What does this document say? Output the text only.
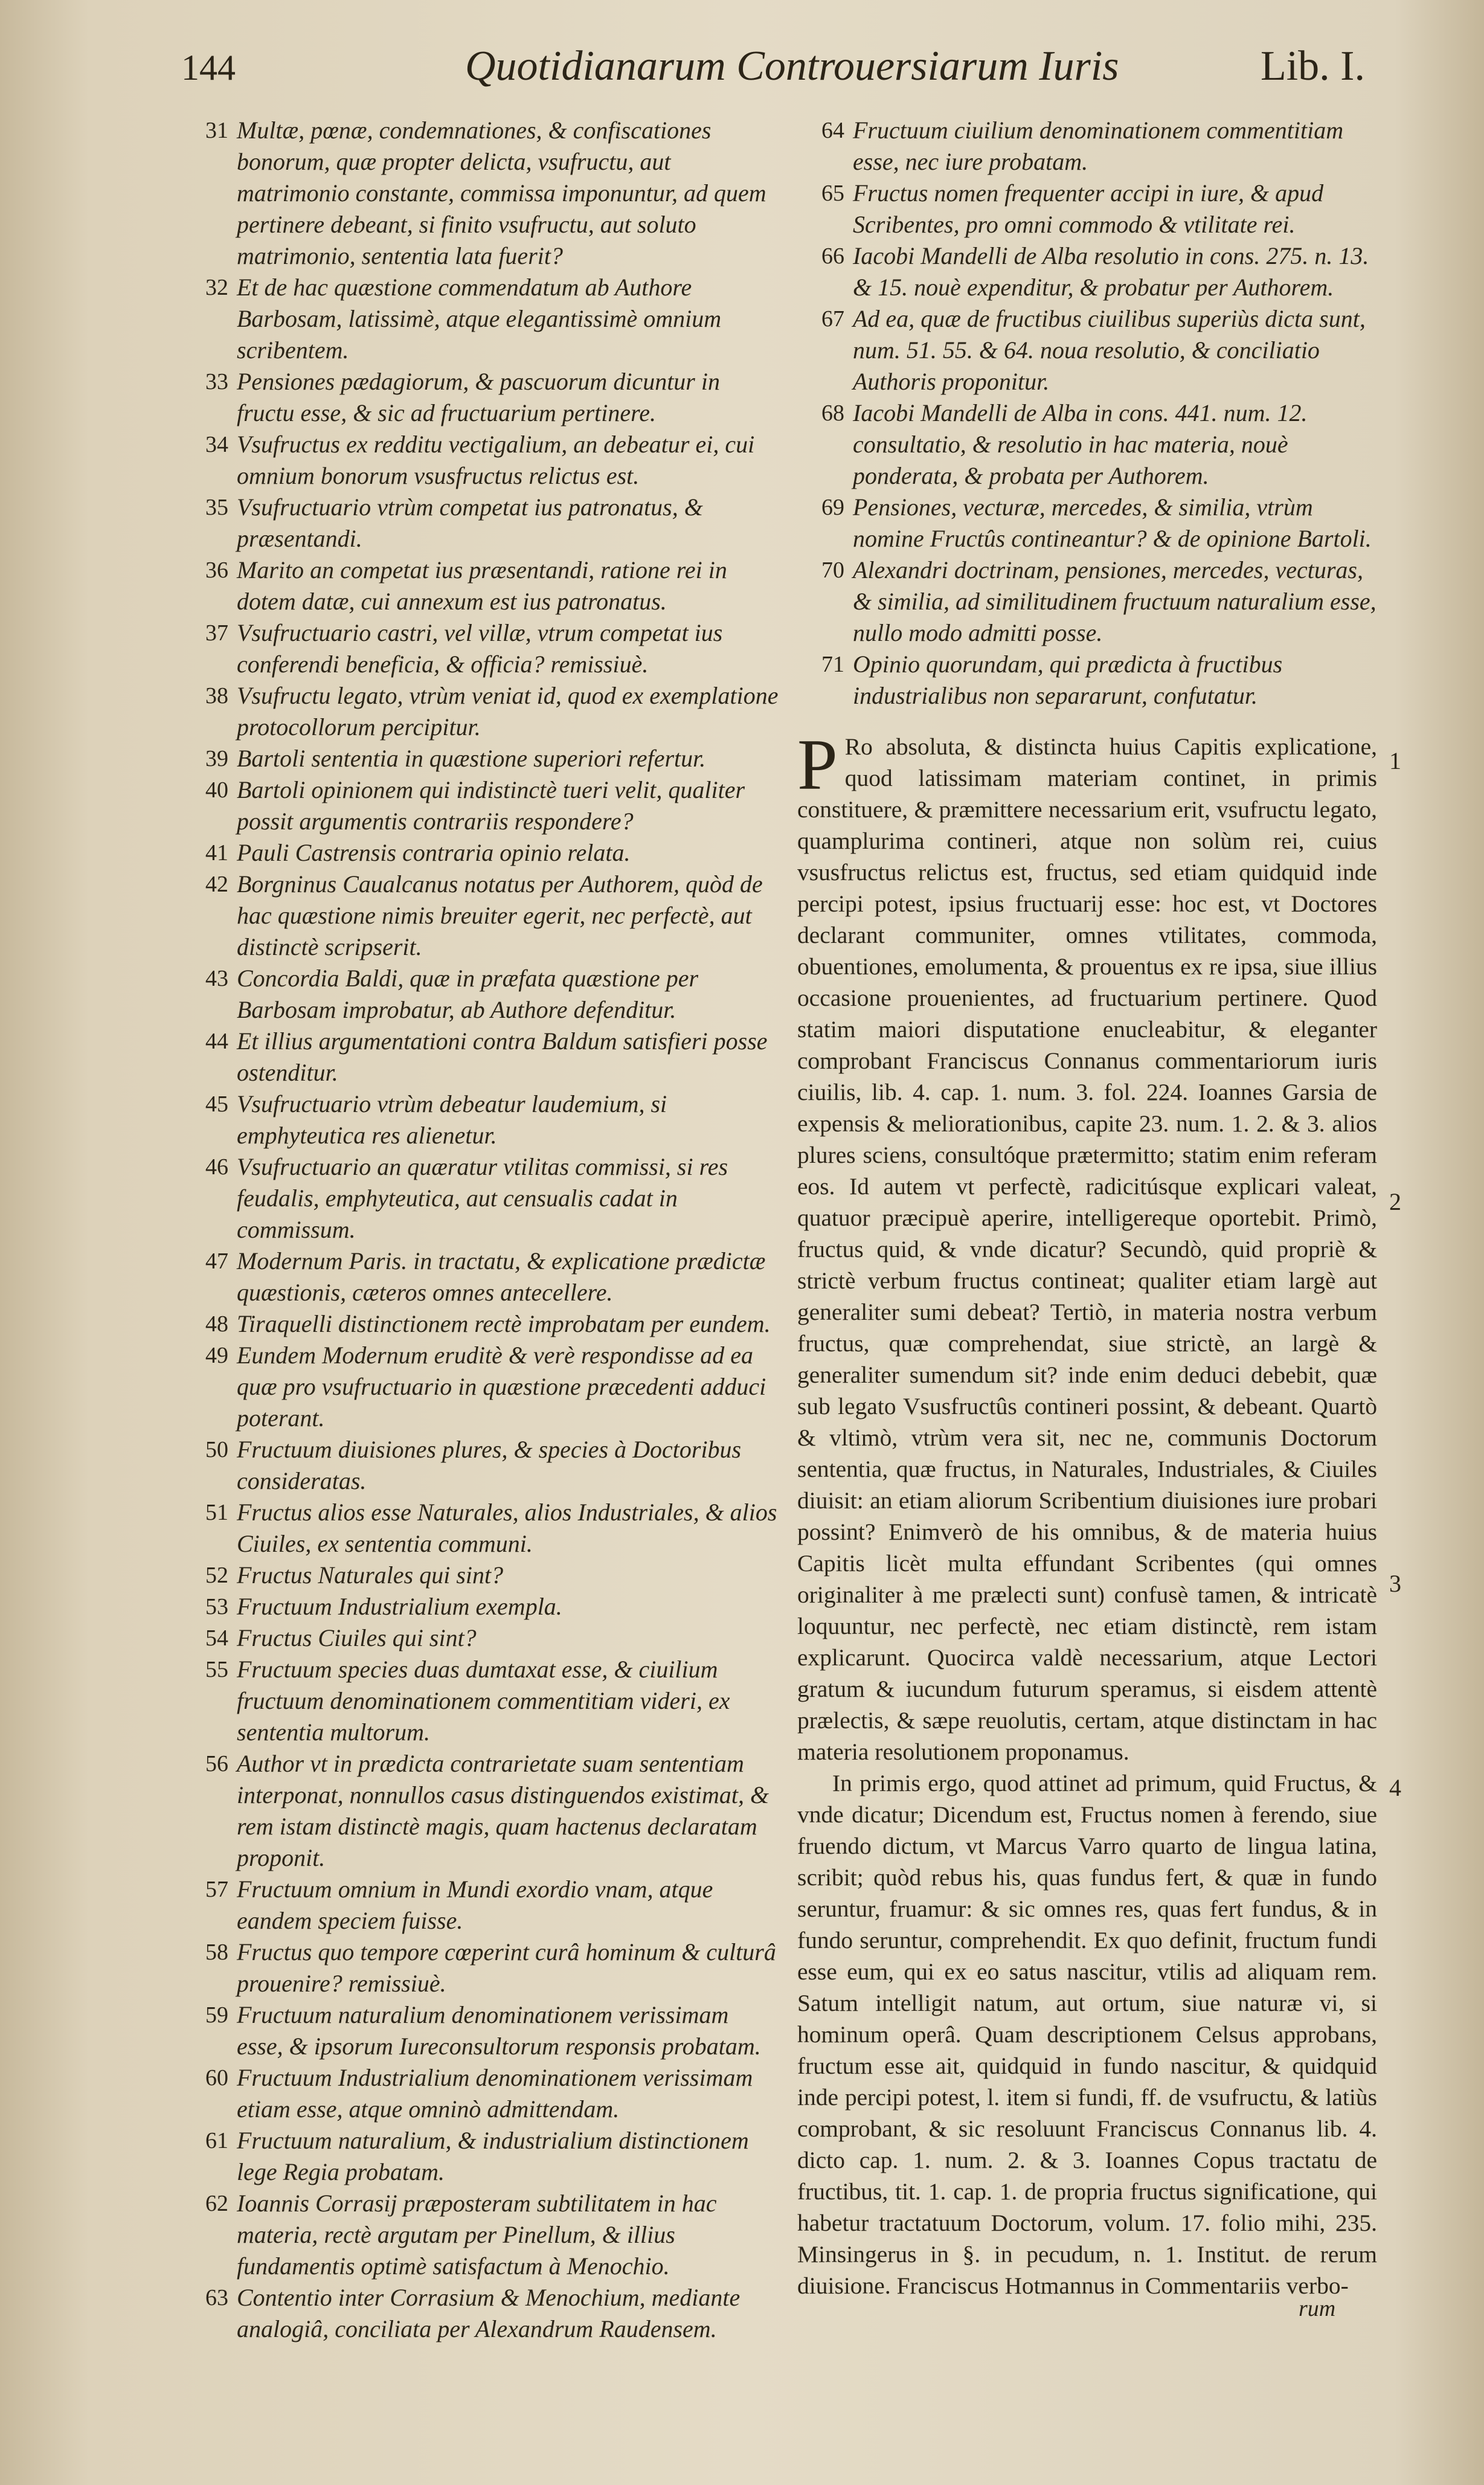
144	Quotidianarum Controuersiarum Iuris	Lib. I.
31 Multæ, pœnæ, condemnationes, & confiscationes bonorum, quæ propter delicta, vsufructu, aut matrimonio constante, commissa imponuntur, ad quem pertinere debeant, si finito vsufructu, aut soluto matrimonio, sententia lata fuerit?
32 Et de hac quæstione commendatum ab Authore Barbosam, latissimè, atque elegantissimè omnium scribentem.
33 Pensiones pædagiorum, & pascuorum dicuntur in fructu esse, & sic ad fructuarium pertinere.
34 Vsufructus ex redditu vectigalium, an debeatur ei, cui omnium bonorum vsusfructus relictus est.
35 Vsufructuario vtrùm competat ius patronatus, & præsentandi.
36 Marito an competat ius præsentandi, ratione rei in dotem datæ, cui annexum est ius patronatus.
37 Vsufructuario castri, vel villæ, vtrum competat ius conferendi beneficia, & officia? remissiuè.
38 Vsufructu legato, vtrùm veniat id, quod ex exemplatione protocollorum percipitur.
39 Bartoli sententia in quæstione superiori refertur.
40 Bartoli opinionem qui indistinctè tueri velit, qualiter possit argumentis contrariis respondere?
41 Pauli Castrensis contraria opinio relata.
42 Borgninus Caualcanus notatus per Authorem, quòd de hac quæstione nimis breuiter egerit, nec perfectè, aut distinctè scripserit.
43 Concordia Baldi, quæ in præfata quæstione per Barbosam improbatur, ab Authore defenditur.
44 Et illius argumentationi contra Baldum satisfieri posse ostenditur.
45 Vsufructuario vtrùm debeatur laudemium, si emphyteutica res alienetur.
46 Vsufructuario an quæratur vtilitas commissi, si res feudalis, emphyteutica, aut censualis cadat in commissum.
47 Modernum Paris. in tractatu, & explicatione prædictæ quæstionis, cæteros omnes antecellere.
48 Tiraquelli distinctionem rectè improbatam per eundem.
49 Eundem Modernum eruditè & verè respondisse ad ea quæ pro vsufructuario in quæstione præcedenti adduci poterant.
50 Fructuum diuisiones plures, & species à Doctoribus consideratas.
51 Fructus alios esse Naturales, alios Industriales, & alios Ciuiles, ex sententia communi.
52 Fructus Naturales qui sint?
53 Fructuum Industrialium exempla.
54 Fructus Ciuiles qui sint?
55 Fructuum species duas dumtaxat esse, & ciuilium fructuum denominationem commentitiam videri, ex sententia multorum.
56 Author vt in prædicta contrarietate suam sententiam interponat, nonnullos casus distinguendos existimat, & rem istam distinctè magis, quam hactenus declaratam proponit.
57 Fructuum omnium in Mundi exordio vnam, atque eandem speciem fuisse.
58 Fructus quo tempore cœperint curâ hominum & culturâ prouenire? remissiuè.
59 Fructuum naturalium denominationem verissimam esse, & ipsorum Iureconsultorum responsis probatam.
60 Fructuum Industrialium denominationem verissimam etiam esse, atque omninò admittendam.
61 Fructuum naturalium, & industrialium distinctionem lege Regia probatam.
62 Ioannis Corrasij præposteram subtilitatem in hac materia, rectè argutam per Pinellum, & illius fundamentis optimè satisfactum à Menochio.
63 Contentio inter Corrasium & Menochium, mediante analogiâ, conciliata per Alexandrum Raudensem.
64 Fructuum ciuilium denominationem commentitiam esse, nec iure probatam.
65 Fructus nomen frequenter accipi in iure, & apud Scribentes, pro omni commodo & vtilitate rei.
66 Iacobi Mandelli de Alba resolutio in cons. 275. n. 13. & 15. nouè expenditur, & probatur per Authorem.
67 Ad ea, quæ de fructibus ciuilibus superiùs dicta sunt, num. 51. 55. & 64. noua resolutio, & conciliatio Authoris proponitur.
68 Iacobi Mandelli de Alba in cons. 441. num. 12. consultatio, & resolutio in hac materia, nouè ponderata, & probata per Authorem.
69 Pensiones, vecturæ, mercedes, & similia, vtrùm nomine Fructûs contineantur? & de opinione Bartoli.
70 Alexandri doctrinam, pensiones, mercedes, vecturas, & similia, ad similitudinem fructuum naturalium esse, nullo modo admitti posse.
71 Opinio quorundam, qui prædicta à fructibus industrialibus non separarunt, confutatur.

P Ro absoluta, & distincta huius Capitis explicatione, quod latissimam materiam continet, in primis constituere, & præmittere necessarium erit, vsufructu legato, quamplurima contineri, atque non solùm rei, cuius vsusfructus relictus est, fructus, sed etiam quidquid inde percipi potest, ipsius fructuarij esse: hoc est, vt Doctores declarant communiter, omnes vtilitates, commoda, obuentiones, emolumenta, & prouentus ex re ipsa, siue illius occasione prouenientes, ad fructuarium pertinere. Quod statim maiori disputatione enucleabitur, & eleganter comprobant Franciscus Connanus commentariorum iuris ciuilis, lib. 4. cap. 1. num. 3. fol. 224. Ioannes Garsia de expensis & meliorationibus, capite 23. num. 1. 2. & 3. alios plures sciens, consultóque prætermitto; statim enim referam eos. Id autem vt perfectè, radicitúsque explicari valeat, quatuor præcipuè aperire, intelligereque oportebit. Primò, fructus quid, & vnde dicatur? Secundò, quid propriè & strictè verbum fructus contineat; qualiter etiam largè aut generaliter sumi debeat? Tertiò, in materia nostra verbum fructus, quæ comprehendat, siue strictè, an largè & generaliter sumendum sit? inde enim deduci debebit, quæ sub legato Vsusfructûs contineri possint, & debeant. Quartò & vltimò, vtrùm vera sit, nec ne, communis Doctorum sententia, quæ fructus, in Naturales, Industriales, & Ciuiles diuisit: an etiam aliorum Scribentium diuisiones iure probari possint? Enimverò de his omnibus, & de materia huius Capitis licèt multa effundant Scribentes (qui omnes originaliter à me prælecti sunt) confusè tamen, & intricatè loquuntur, nec perfectè, nec etiam distinctè, rem istam explicarunt. Quocirca valdè necessarium, atque Lectori gratum & iucundum futurum speramus, si eisdem attentè prælectis, & sæpe reuolutis, certam, atque distinctam in hac materia resolutionem proponamus.

In primis ergo, quod attinet ad primum, quid Fructus, & vnde dicatur; Dicendum est, Fructus nomen à ferendo, siue fruendo dictum, vt Marcus Varro quarto de lingua latina, scribit; quòd rebus his, quas fundus fert, & quæ in fundo seruntur, fruamur: & sic omnes res, quas fert fundus, & in fundo seruntur, comprehendit. Ex quo definit, fructum fundi esse eum, qui ex eo satus nascitur, vtilis ad aliquam rem. Satum intelligit natum, aut ortum, siue naturæ vi, si hominum operâ. Quam descriptionem Celsus approbans, fructum esse ait, quidquid in fundo nascitur, & quidquid inde percipi potest, l. item si fundi, ff. de vsufructu, & latiùs comprobant, & sic resoluunt Franciscus Connanus lib. 4. dicto cap. 1. num. 2. & 3. Ioannes Copus tractatu de fructibus, tit. 1. cap. 1. de propria fructus significatione, qui habetur tractatuum Doctorum, volum. 17. folio mihi, 235. Minsingerus in §. in pecudum, n. 1. Institut. de rerum diuisione. Franciscus Hotmannus in Commentariis verbo-

1
2
3
4
rum
